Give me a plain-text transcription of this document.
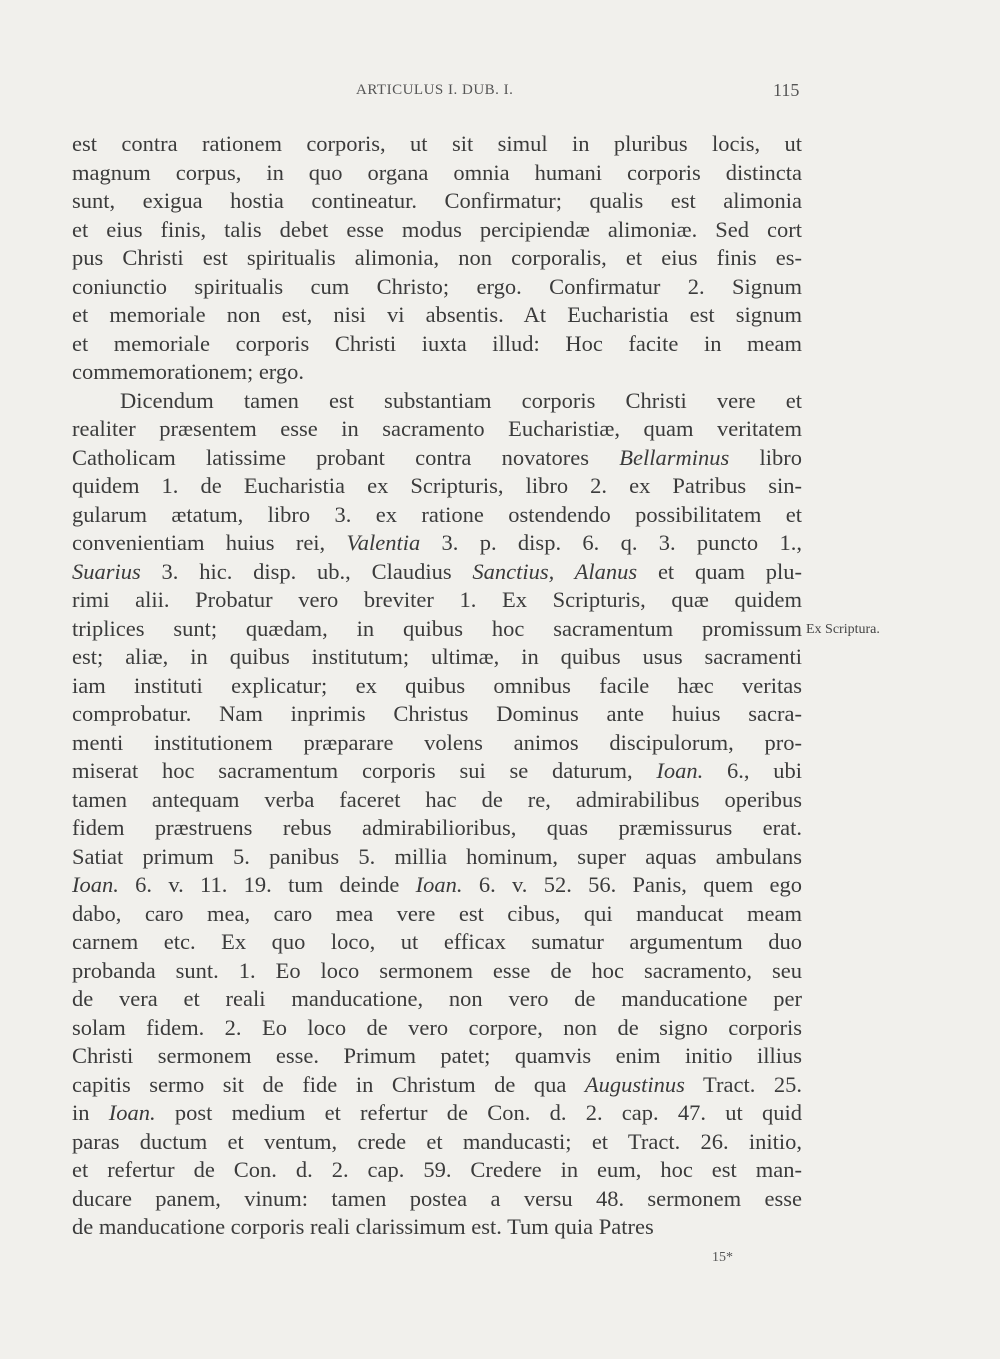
ARTICULUS I. DUB. I.	115
est contra rationem corporis, ut sit simul in pluribus locis, ut
magnum corpus, in quo organa omnia humani corporis distincta
sunt, exigua hostia contineatur. Confirmatur; qualis est alimonia
et eius finis, talis debet esse modus percipiendæ alimoniæ. Sed cort
pus Christi est spiritualis alimonia, non corporalis, et eius finis es-
coniunctio spiritualis cum Christo; ergo. Confirmatur 2. Signum
et memoriale non est, nisi vi absentis. At Eucharistia est signum
et memoriale corporis Christi iuxta illud: Hoc facite in meam
commemorationem; ergo.
Dicendum tamen est substantiam corporis Christi vere et
realiter præsentem esse in sacramento Eucharistiæ, quam veritatem
Catholicam latissime probant contra novatores Bellarminus libro
quidem 1. de Eucharistia ex Scripturis, libro 2. ex Patribus sin-
gularum ætatum, libro 3. ex ratione ostendendo possibilitatem et
convenientiam huius rei, Valentia 3. p. disp. 6. q. 3. puncto 1.,
Suarius 3. hic. disp. ub., Claudius Sanctius, Alanus et quam plu-
rimi alii. Probatur vero breviter 1. Ex Scripturis, quæ quidem
triplices sunt; quædam, in quibus hoc sacramentum promissum
est; aliæ, in quibus institutum; ultimæ, in quibus usus sacramenti
iam instituti explicatur; ex quibus omnibus facile hæc veritas
comprobatur. Nam inprimis Christus Dominus ante huius sacra-
menti institutionem præparare volens animos discipulorum, pro-
miserat hoc sacramentum corporis sui se daturum, Ioan. 6., ubi
tamen antequam verba faceret hac de re, admirabilibus operibus
fidem præstruens rebus admirabilioribus, quas præmissurus erat.
Satiat primum 5. panibus 5. millia hominum, super aquas ambulans
Ioan. 6. v. 11. 19. tum deinde Ioan. 6. v. 52. 56. Panis, quem ego
dabo, caro mea, caro mea vere est cibus, qui manducat meam
carnem etc. Ex quo loco, ut efficax sumatur argumentum duo
probanda sunt. 1. Eo loco sermonem esse de hoc sacramento, seu
de vera et reali manducatione, non vero de manducatione per
solam fidem. 2. Eo loco de vero corpore, non de signo corporis
Christi sermonem esse. Primum patet; quamvis enim initio illius
capitis sermo sit de fide in Christum de qua Augustinus Tract. 25.
in Ioan. post medium et refertur de Con. d. 2. cap. 47. ut quid
paras ductum et ventum, crede et manducasti; et Tract. 26. initio,
et refertur de Con. d. 2. cap. 59. Credere in eum, hoc est man-
ducare panem, vinum: tamen postea a versu 48. sermonem esse
de manducatione corporis reali clarissimum est. Tum quia Patres
Ex Scriptura.
15*
